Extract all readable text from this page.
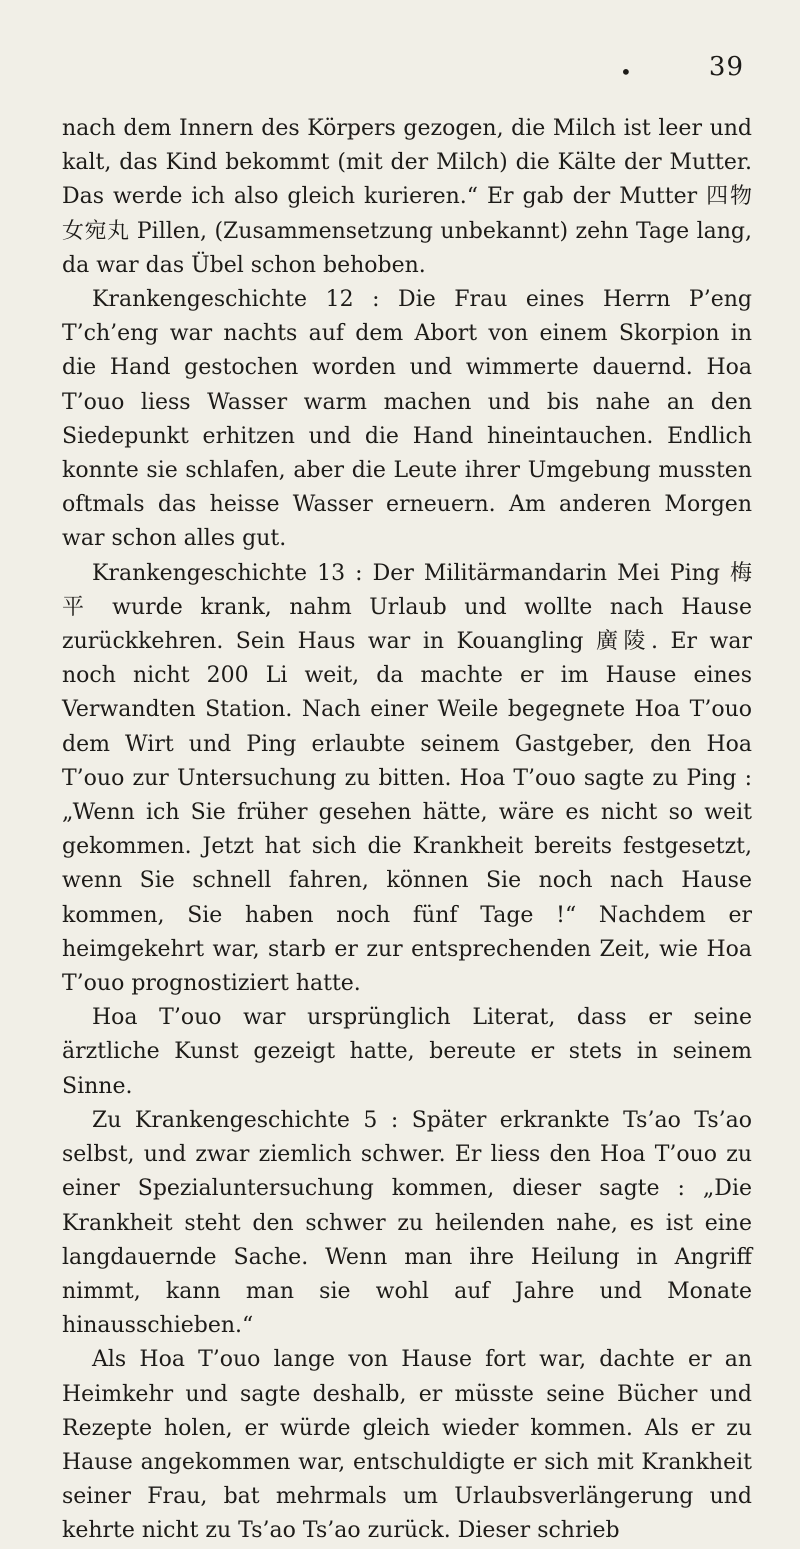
•	39

nach dem Innern des Körpers gezogen, die Milch ist leer und kalt, das Kind bekommt (mit der Milch) die Kälte der Mutter. Das werde ich also gleich kurieren.“ Er gab der Mutter 四物女宛丸 Pillen, (Zusammensetzung unbekannt) zehn Tage lang, da war das Übel schon behoben.

Krankengeschichte 12 : Die Frau eines Herrn P’eng T’ch’eng war nachts auf dem Abort von einem Skorpion in die Hand gestochen worden und wimmerte dauernd. Hoa T’ouo liess Wasser warm machen und bis nahe an den Siedepunkt erhitzen und die Hand hineintauchen. Endlich konnte sie schlafen, aber die Leute ihrer Umgebung mussten oftmals das heisse Wasser erneuern. Am anderen Morgen war schon alles gut.

Krankengeschichte 13 : Der Militärmandarin Mei Ping 梅平 wurde krank, nahm Urlaub und wollte nach Hause zurückkehren. Sein Haus war in Kouangling 廣陵. Er war noch nicht 200 Li weit, da machte er im Hause eines Verwandten Station. Nach einer Weile begegnete Hoa T’ouo dem Wirt und Ping erlaubte seinem Gastgeber, den Hoa T’ouo zur Untersuchung zu bitten. Hoa T’ouo sagte zu Ping : „Wenn ich Sie früher gesehen hätte, wäre es nicht so weit gekommen. Jetzt hat sich die Krankheit bereits festgesetzt, wenn Sie schnell fahren, können Sie noch nach Hause kommen, Sie haben noch fünf Tage !“ Nachdem er heimgekehrt war, starb er zur entsprechenden Zeit, wie Hoa T’ouo prognostiziert hatte.

Hoa T’ouo war ursprünglich Literat, dass er seine ärztliche Kunst gezeigt hatte, bereute er stets in seinem Sinne.

Zu Krankengeschichte 5 : Später erkrankte Ts’ao Ts’ao selbst, und zwar ziemlich schwer. Er liess den Hoa T’ouo zu einer Spezialuntersuchung kommen, dieser sagte : „Die Krankheit steht den schwer zu heilenden nahe, es ist eine langdauernde Sache. Wenn man ihre Heilung in Angriff nimmt, kann man sie wohl auf Jahre und Monate hinausschieben.“

Als Hoa T’ouo lange von Hause fort war, dachte er an Heimkehr und sagte deshalb, er müsste seine Bücher und Rezepte holen, er würde gleich wieder kommen. Als er zu Hause angekommen war, entschuldigte er sich mit Krankheit seiner Frau, bat mehrmals um Urlaubsverlängerung und kehrte nicht zu Ts’ao Ts’ao zurück. Dieser schrieb
